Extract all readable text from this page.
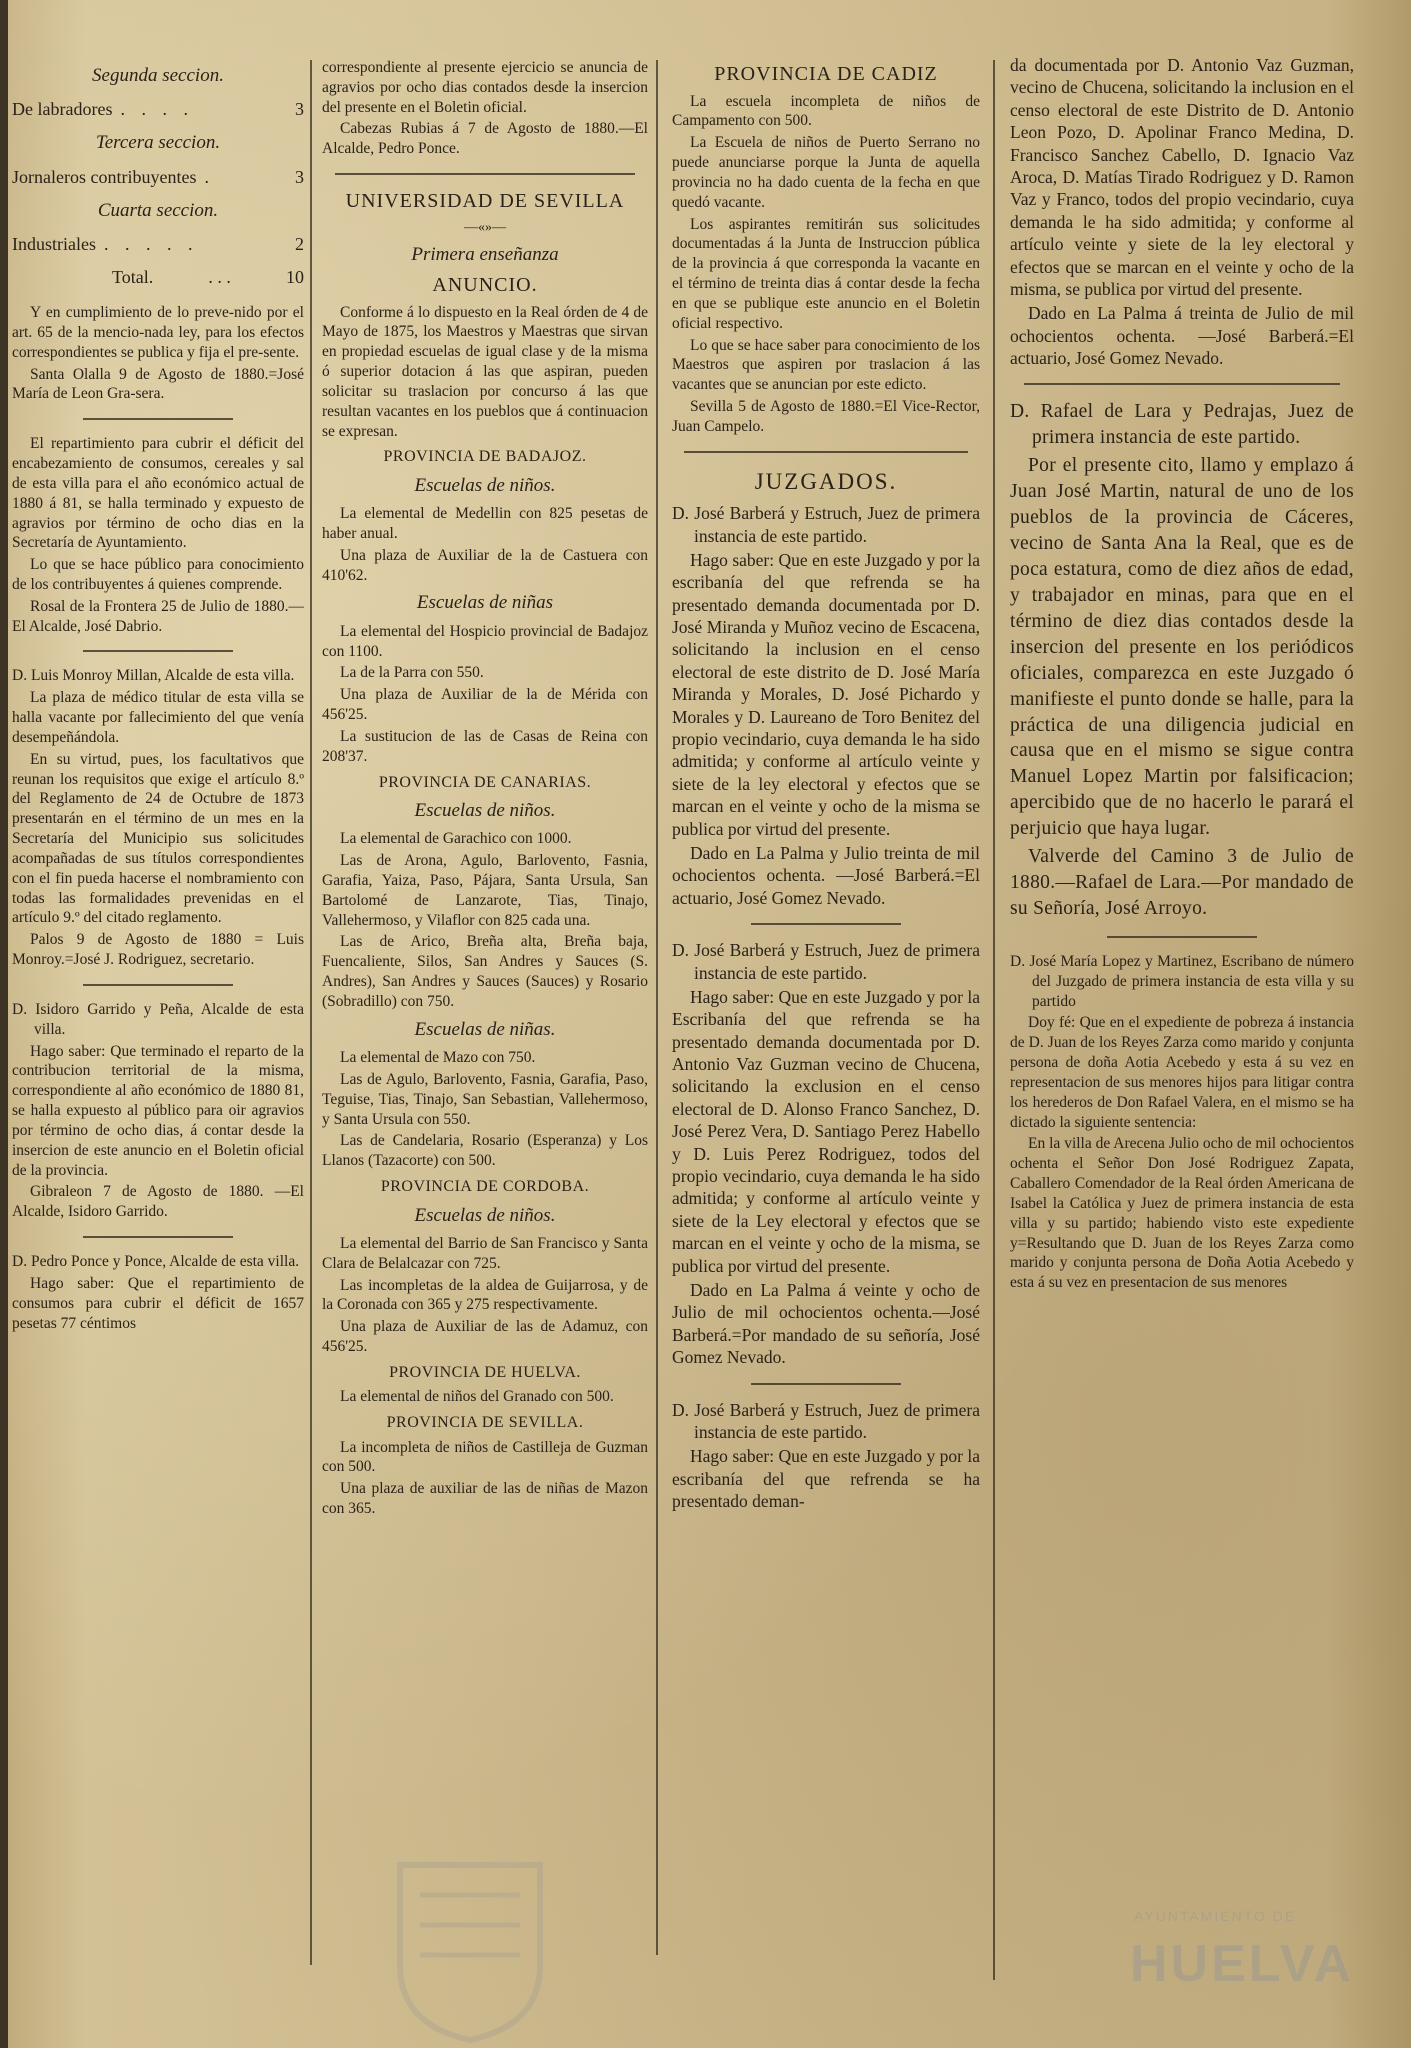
Segunda seccion.
De labradores . . . .	3
Tercera seccion.
Jornaleros contribuyentes .	3
Cuarta seccion.
Industriales . . . . .	2
Total.	. . .	10

Y en cumplimiento de lo preve-nido por el art. 65 de la mencio-nada ley, para los efectos correspondientes se publica y fija el pre-sente.

Santa Olalla 9 de Agosto de 1880.=José María de Leon Gra-sera.

El repartimiento para cubrir el déficit del encabezamiento de consumos, cereales y sal de esta villa para el año económico actual de 1880 á 81, se halla terminado y expuesto de agravios por término de ocho dias en la Secretaría de Ayuntamiento.

Lo que se hace público para conocimiento de los contribuyentes á quienes comprende.

Rosal de la Frontera 25 de Julio de 1880.—El Alcalde, José Dabrio.

D. Luis Monroy Millan, Alcalde de esta villa.

La plaza de médico titular de esta villa se halla vacante por fallecimiento del que venía desempeñándola.

En su virtud, pues, los facultativos que reunan los requisitos que exige el artículo 8.º del Reglamento de 24 de Octubre de 1873 presentarán en el término de un mes en la Secretaría del Municipio sus solicitudes acompañadas de sus títulos correspondientes con el fin pueda hacerse el nombramiento con todas las formalidades prevenidas en el artículo 9.º del citado reglamento.

Palos 9 de Agosto de 1880 = Luis Monroy.=José J. Rodriguez, secretario.

D. Isidoro Garrido y Peña, Alcalde de esta villa.

Hago saber: Que terminado el reparto de la contribucion territorial de la misma, correspondiente al año económico de 1880 81, se halla expuesto al público para oir agravios por término de ocho dias, á contar desde la insercion de este anuncio en el Boletin oficial de la provincia.

Gibraleon 7 de Agosto de 1880. —El Alcalde, Isidoro Garrido.

D. Pedro Ponce y Ponce, Alcalde de esta villa.

Hago saber: Que el repartimiento de consumos para cubrir el déficit de 1657 pesetas 77 céntimos

correspondiente al presente ejercicio se anuncia de agravios por ocho dias contados desde la insercion del presente en el Boletin oficial.

Cabezas Rubias á 7 de Agosto de 1880.—El Alcalde, Pedro Ponce.

UNIVERSIDAD DE SEVILLA
—«»—
Primera enseñanza
ANUNCIO.

Conforme á lo dispuesto en la Real órden de 4 de Mayo de 1875, los Maestros y Maestras que sirvan en propiedad escuelas de igual clase y de la misma ó superior dotacion á las que aspiran, pueden solicitar su traslacion por concurso á las que resultan vacantes en los pueblos que á continuacion se expresan.

PROVINCIA DE BADAJOZ.
Escuelas de niños.

La elemental de Medellin con 825 pesetas de haber anual.

Una plaza de Auxiliar de la de Castuera con 410'62.

Escuelas de niñas

La elemental del Hospicio provincial de Badajoz con 1100.

La de la Parra con 550.

Una plaza de Auxiliar de la de Mérida con 456'25.

La sustitucion de las de Casas de Reina con 208'37.

PROVINCIA DE CANARIAS.
Escuelas de niños.

La elemental de Garachico con 1000.

Las de Arona, Agulo, Barlovento, Fasnia, Garafia, Yaiza, Paso, Pájara, Santa Ursula, San Bartolomé de Lanzarote, Tias, Tinajo, Vallehermoso, y Vilaflor con 825 cada una.

Las de Arico, Breña alta, Breña baja, Fuencaliente, Silos, San Andres y Sauces (S. Andres), San Andres y Sauces (Sauces) y Rosario (Sobradillo) con 750.

Escuelas de niñas.

La elemental de Mazo con 750.

Las de Agulo, Barlovento, Fasnia, Garafia, Paso, Teguise, Tias, Tinajo, San Sebastian, Vallehermoso, y Santa Ursula con 550.

Las de Candelaria, Rosario (Esperanza) y Los Llanos (Tazacorte) con 500.

PROVINCIA DE CORDOBA.
Escuelas de niños.

La elemental del Barrio de San Francisco y Santa Clara de Belalcazar con 725.

Las incompletas de la aldea de Guijarrosa, y de la Coronada con 365 y 275 respectivamente.

Una plaza de Auxiliar de las de Adamuz, con 456'25.

PROVINCIA DE HUELVA.

La elemental de niños del Granado con 500.

PROVINCIA DE SEVILLA.

La incompleta de niños de Castilleja de Guzman con 500.

Una plaza de auxiliar de las de niñas de Mazon con 365.

PROVINCIA DE CADIZ

La escuela incompleta de niños de Campamento con 500.

La Escuela de niños de Puerto Serrano no puede anunciarse porque la Junta de aquella provincia no ha dado cuenta de la fecha en que quedó vacante.

Los aspirantes remitirán sus solicitudes documentadas á la Junta de Instruccion pública de la provincia á que corresponda la vacante en el término de treinta dias á contar desde la fecha en que se publique este anuncio en el Boletin oficial respectivo.

Lo que se hace saber para conocimiento de los Maestros que aspiren por traslacion á las vacantes que se anuncian por este edicto.

Sevilla 5 de Agosto de 1880.=El Vice-Rector, Juan Campelo.

JUZGADOS.

D. José Barberá y Estruch, Juez de primera instancia de este partido.

Hago saber: Que en este Juzgado y por la escribanía del que refrenda se ha presentado demanda documentada por D. José Miranda y Muñoz vecino de Escacena, solicitando la inclusion en el censo electoral de este distrito de D. José María Miranda y Morales, D. José Pichardo y Morales y D. Laureano de Toro Benitez del propio vecindario, cuya demanda le ha sido admitida; y conforme al artículo veinte y siete de la ley electoral y efectos que se marcan en el veinte y ocho de la misma se publica por virtud del presente.

Dado en La Palma y Julio treinta de mil ochocientos ochenta. —José Barberá.=El actuario, José Gomez Nevado.

D. José Barberá y Estruch, Juez de primera instancia de este partido.

Hago saber: Que en este Juzgado y por la Escribanía del que refrenda se ha presentado demanda documentada por D. Antonio Vaz Guzman vecino de Chucena, solicitando la exclusion en el censo electoral de D. Alonso Franco Sanchez, D. José Perez Vera, D. Santiago Perez Habello y D. Luis Perez Rodriguez, todos del propio vecindario, cuya demanda le ha sido admitida; y conforme al artículo veinte y siete de la Ley electoral y efectos que se marcan en el veinte y ocho de la misma, se publica por virtud del presente.

Dado en La Palma á veinte y ocho de Julio de mil ochocientos ochenta.—José Barberá.=Por mandado de su señoría, José Gomez Nevado.

D. José Barberá y Estruch, Juez de primera instancia de este partido.

Hago saber: Que en este Juzgado y por la escribanía del que refrenda se ha presentado deman-

da documentada por D. Antonio Vaz Guzman, vecino de Chucena, solicitando la inclusion en el censo electoral de este Distrito de D. Antonio Leon Pozo, D. Apolinar Franco Medina, D. Francisco Sanchez Cabello, D. Ignacio Vaz Aroca, D. Matías Tirado Rodriguez y D. Ramon Vaz y Franco, todos del propio vecindario, cuya demanda le ha sido admitida; y conforme al artículo veinte y siete de la ley electoral y efectos que se marcan en el veinte y ocho de la misma, se publica por virtud del presente.

Dado en La Palma á treinta de Julio de mil ochocientos ochenta. —José Barberá.=El actuario, José Gomez Nevado.

D. Rafael de Lara y Pedrajas, Juez de primera instancia de este partido.

Por el presente cito, llamo y emplazo á Juan José Martin, natural de uno de los pueblos de la provincia de Cáceres, vecino de Santa Ana la Real, que es de poca estatura, como de diez años de edad, y trabajador en minas, para que en el término de diez dias contados desde la insercion del presente en los periódicos oficiales, comparezca en este Juzgado ó manifieste el punto donde se halle, para la práctica de una diligencia judicial en causa que en el mismo se sigue contra Manuel Lopez Martin por falsificacion; apercibido que de no hacerlo le parará el perjuicio que haya lugar.

Valverde del Camino 3 de Julio de 1880.—Rafael de Lara.—Por mandado de su Señoría, José Arroyo.

D. José María Lopez y Martinez, Escribano de número del Juzgado de primera instancia de esta villa y su partido

Doy fé: Que en el expediente de pobreza á instancia de D. Juan de los Reyes Zarza como marido y conjunta persona de doña Aotia Acebedo y esta á su vez en representacion de sus menores hijos para litigar contra los herederos de Don Rafael Valera, en el mismo se ha dictado la siguiente sentencia:

En la villa de Arecena Julio ocho de mil ochocientos ochenta el Señor Don José Rodriguez Zapata, Caballero Comendador de la Real órden Americana de Isabel la Católica y Juez de primera instancia de esta villa y su partido; habiendo visto este expediente y=Resultando que D. Juan de los Reyes Zarza como marido y conjunta persona de Doña Aotia Acebedo y esta á su vez en presentacion de sus menores

AYUNTAMIENTO DE
HUELVA
